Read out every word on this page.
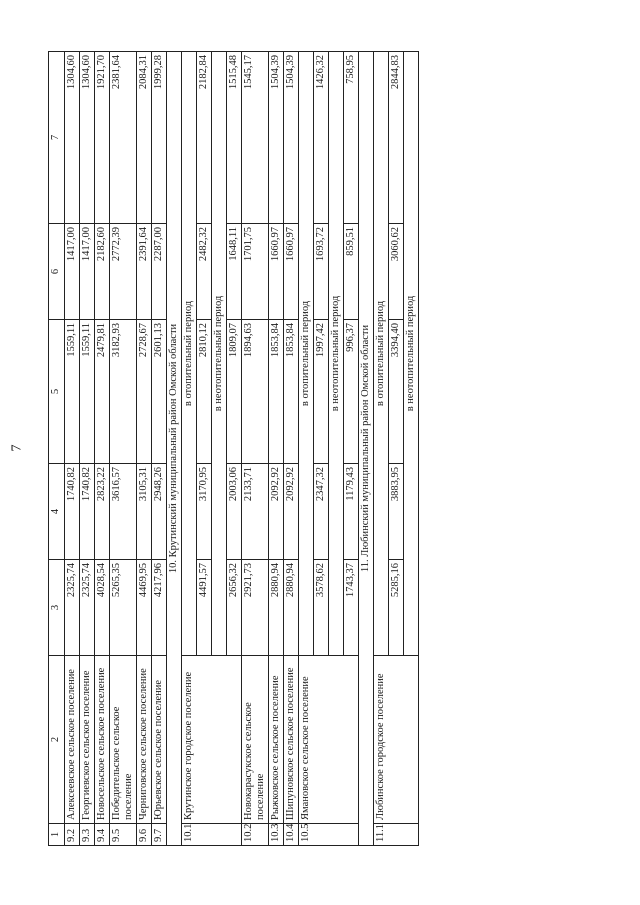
7
1	2	3	4	5	6	7
9.2	Алексеевское сельское поселение	2325,74	1740,82	1559,11	1417,00	1304,60
9.3	Георгиевское сельское поселение	2325,74	1740,82	1559,11	1417,00	1304,60
9.4	Новосельское сельское поселение	4028,54	2823,22	2479,81	2182,60	1921,70
9.5	Победительское сельское поселение	5265,35	3616,57	3182,93	2772,39	2381,64
9.6	Черниговское сельское поселение	4469,95	3105,31	2728,67	2391,64	2084,31
9.7	Юрьевское сельское поселение	4217,96	2948,26	2601,13	2287,00	1999,28
10. Крутинский муниципальный район Омской области						
10.1	Крутинское городское поселение	в отопительный период				
		4491,57	3170,95	2810,12	2482,32	2182,84
		в неотопительный период				
		2656,32	2003,06	1809,07	1648,11	1515,48
10.2	Новокарасукское сельское поселение	2921,73	2133,71	1894,63	1701,75	1545,17
10.3	Рыжковское сельское поселение	2880,94	2092,92	1853,84	1660,97	1504,39
10.4	Шипуновское сельское поселение	2880,94	2092,92	1853,84	1660,97	1504,39
10.5	Ямановское сельское поселение	в отопительный период				
		3578,62	2347,32	1997,42	1693,72	1426,32
		в неотопительный период				
		1743,37	1179,43	996,37	859,51	758,95
11. Любинский муниципальный район Омской области						
11.1	Любинское городское поселение	в отопительный период				
		5285,16	3883,95	3394,40	3060,62	2844,83
		в неотопительный период				
